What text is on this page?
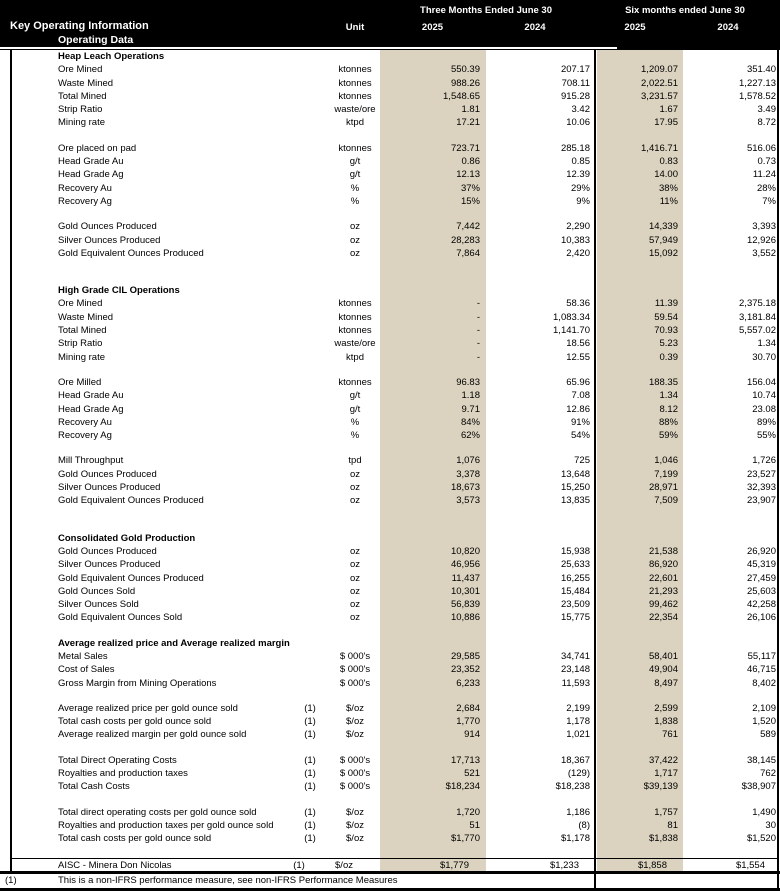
Three Months Ended June 30	Six months ended June 30
Key Operating Information	Unit	2025	2024	2025	2024
Operating Data
Heap Leach Operations
Ore Mined	ktonnes	550.39	207.17	1,209.07	351.40
Waste Mined	ktonnes	988.26	708.11	2,022.51	1,227.13
Total Mined	ktonnes	1,548.65	915.28	3,231.57	1,578.52
Strip Ratio	waste/ore	1.81	3.42	1.67	3.49
Mining rate	ktpd	17.21	10.06	17.95	8.72
Ore placed on pad	ktonnes	723.71	285.18	1,416.71	516.06
Head Grade Au	g/t	0.86	0.85	0.83	0.73
Head Grade Ag	g/t	12.13	12.39	14.00	11.24
Recovery Au	%	37%	29%	38%	28%
Recovery Ag	%	15%	9%	11%	7%
Gold Ounces Produced	oz	7,442	2,290	14,339	3,393
Silver Ounces Produced	oz	28,283	10,383	57,949	12,926
Gold Equivalent Ounces Produced	oz	7,864	2,420	15,092	3,552
High Grade CIL Operations
Ore Mined	ktonnes	-	58.36	11.39	2,375.18
Waste Mined	ktonnes	-	1,083.34	59.54	3,181.84
Total Mined	ktonnes	-	1,141.70	70.93	5,557.02
Strip Ratio	waste/ore	-	18.56	5.23	1.34
Mining rate	ktpd	-	12.55	0.39	30.70
Ore Milled	ktonnes	96.83	65.96	188.35	156.04
Head Grade Au	g/t	1.18	7.08	1.34	10.74
Head Grade Ag	g/t	9.71	12.86	8.12	23.08
Recovery Au	%	84%	91%	88%	89%
Recovery Ag	%	62%	54%	59%	55%
Mill Throughput	tpd	1,076	725	1,046	1,726
Gold Ounces Produced	oz	3,378	13,648	7,199	23,527
Silver Ounces Produced	oz	18,673	15,250	28,971	32,393
Gold Equivalent Ounces Produced	oz	3,573	13,835	7,509	23,907
Consolidated Gold Production
Gold Ounces Produced	oz	10,820	15,938	21,538	26,920
Silver Ounces Produced	oz	46,956	25,633	86,920	45,319
Gold Equivalent Ounces Produced	oz	11,437	16,255	22,601	27,459
Gold Ounces Sold	oz	10,301	15,484	21,293	25,603
Silver Ounces Sold	oz	56,839	23,509	99,462	42,258
Gold Equivalent Ounces Sold	oz	10,886	15,775	22,354	26,106
Average realized price and Average realized margin
Metal Sales	$ 000's	29,585	34,741	58,401	55,117
Cost of Sales	$ 000's	23,352	23,148	49,904	46,715
Gross Margin from Mining Operations	$ 000's	6,233	11,593	8,497	8,402
Average realized price per gold ounce sold	(1)	$/oz	2,684	2,199	2,599	2,109
Total cash costs per gold ounce sold	(1)	$/oz	1,770	1,178	1,838	1,520
Average realized margin per gold ounce sold	(1)	$/oz	914	1,021	761	589
Total Direct Operating Costs	(1)	$ 000's	17,713	18,367	37,422	38,145
Royalties and production taxes	(1)	$ 000's	521	(129)	1,717	762
Total Cash Costs	(1)	$ 000's	$18,234	$18,238	$39,139	$38,907
Total direct operating costs per gold ounce sold	(1)	$/oz	1,720	1,186	1,757	1,490
Royalties and production taxes per gold ounce sold	(1)	$/oz	51	(8)	81	30
Total cash costs per gold ounce sold	(1)	$/oz	$1,770	$1,178	$1,838	$1,520
AISC - Minera Don Nicolas	(1)	$/oz	$1,779	$1,233	$1,858	$1,554
(1)	This is a non-IFRS performance measure, see non-IFRS Performance Measures
